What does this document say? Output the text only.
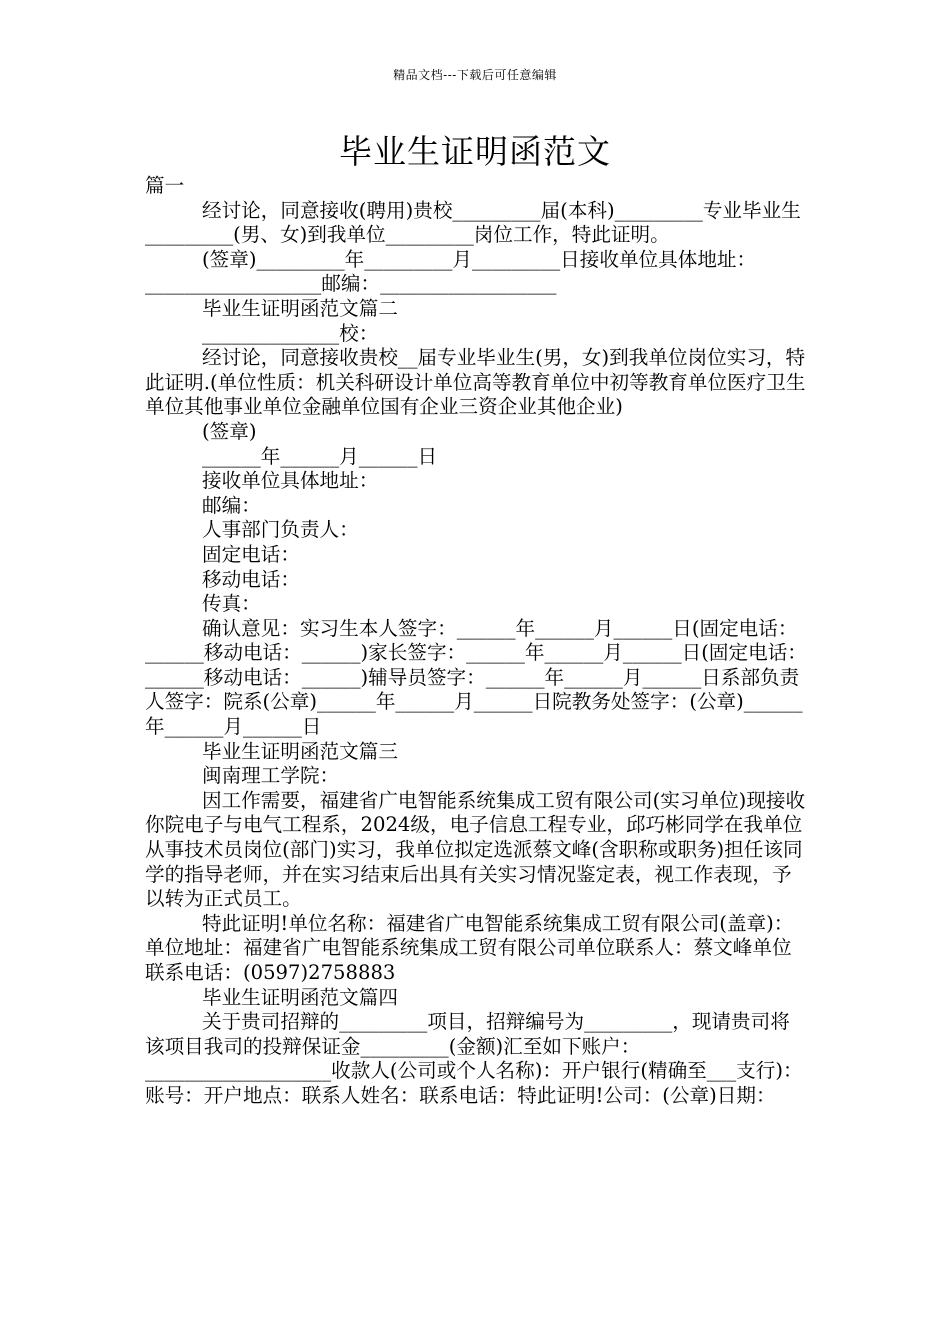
精品文档---下载后可任意编辑
毕业生证明函范文

篇一

经讨论，同意接收(聘用)贵校_________届(本科)_________专业毕业生_________(男、女)到我单位_________岗位工作，特此证明。

(签章)_________年_________月_________日接收单位具体地址：__________________邮编：__________________

毕业生证明函范文篇二

______________校：

经讨论，同意接收贵校__届专业毕业生(男，女)到我单位岗位实习，特此证明.(单位性质：机关科研设计单位高等教育单位中初等教育单位医疗卫生单位其他事业单位金融单位国有企业三资企业其他企业)

(签章)

______年______月______日

接收单位具体地址：

邮编：

人事部门负责人：

固定电话：

移动电话：

传真：

确认意见：实习生本人签字：______年______月______日(固定电话：______移动电话：______)家长签字：______年______月______日(固定电话：______移动电话：______)辅导员签字：______年______月______日系部负责人签字：院系(公章)______年______月______日院教务处签字：(公章)______年______月______日

毕业生证明函范文篇三

闽南理工学院：

因工作需要，福建省广电智能系统集成工贸有限公司(实习单位)现接收你院电子与电气工程系，2024级，电子信息工程专业，邱巧彬同学在我单位从事技术员岗位(部门)实习，我单位拟定选派蔡文峰(含职称或职务)担任该同学的指导老师，并在实习结束后出具有关实习情况鉴定表，视工作表现，予以转为正式员工。

特此证明!单位名称：福建省广电智能系统集成工贸有限公司(盖章)：单位地址：福建省广电智能系统集成工贸有限公司单位联系人：蔡文峰单位联系电话：(0597)2758883

毕业生证明函范文篇四

关于贵司招辩的_________项目，招辩编号为_________，现请贵司将该项目我司的投辩保证金_________(金额)汇至如下账户：___________________收款人(公司或个人名称)：开户银行(精确至___支行)：账号：开户地点：联系人姓名：联系电话：特此证明!公司：(公章)日期：
